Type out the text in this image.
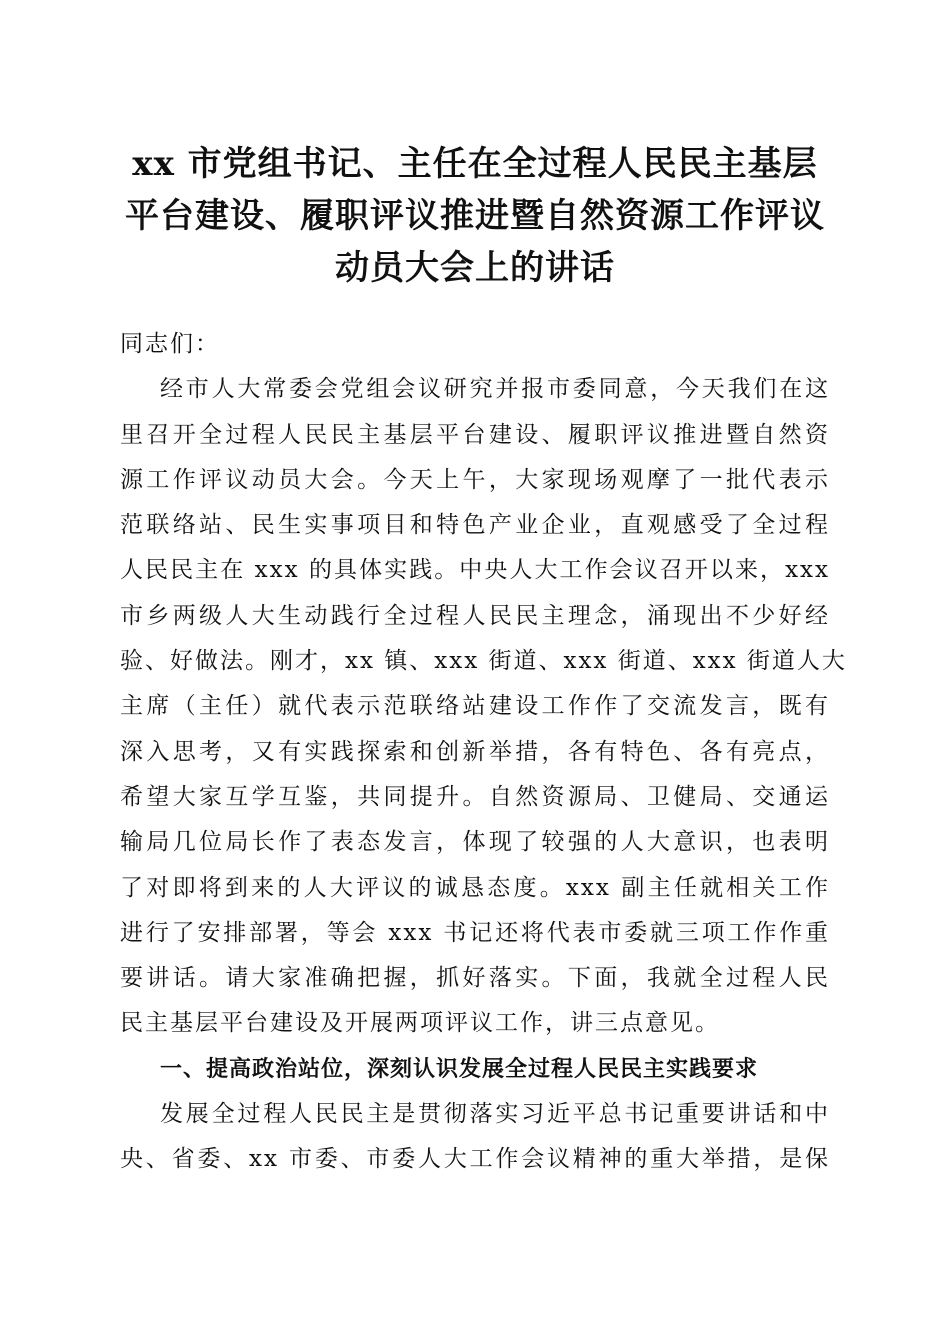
xx 市党组书记、主任在全过程人民民主基层
平台建设、履职评议推进暨自然资源工作评议
动员大会上的讲话
同志们：
经市人大常委会党组会议研究并报市委同意，今天我们在这
里召开全过程人民民主基层平台建设、履职评议推进暨自然资
源工作评议动员大会。今天上午，大家现场观摩了一批代表示
范联络站、民生实事项目和特色产业企业，直观感受了全过程
人民民主在 xxx 的具体实践。中央人大工作会议召开以来，xxx
市乡两级人大生动践行全过程人民民主理念，涌现出不少好经
验、好做法。刚才，xx 镇、xxx 街道、xxx 街道、xxx 街道人大
主席（主任）就代表示范联络站建设工作作了交流发言，既有
深入思考，又有实践探索和创新举措，各有特色、各有亮点，
希望大家互学互鉴，共同提升。自然资源局、卫健局、交通运
输局几位局长作了表态发言，体现了较强的人大意识，也表明
了对即将到来的人大评议的诚恳态度。xxx 副主任就相关工作
进行了安排部署，等会 xxx 书记还将代表市委就三项工作作重
要讲话。请大家准确把握，抓好落实。下面，我就全过程人民
民主基层平台建设及开展两项评议工作，讲三点意见。
一、提高政治站位，深刻认识发展全过程人民民主实践要求
发展全过程人民民主是贯彻落实习近平总书记重要讲话和中
央、省委、xx 市委、市委人大工作会议精神的重大举措，是保
